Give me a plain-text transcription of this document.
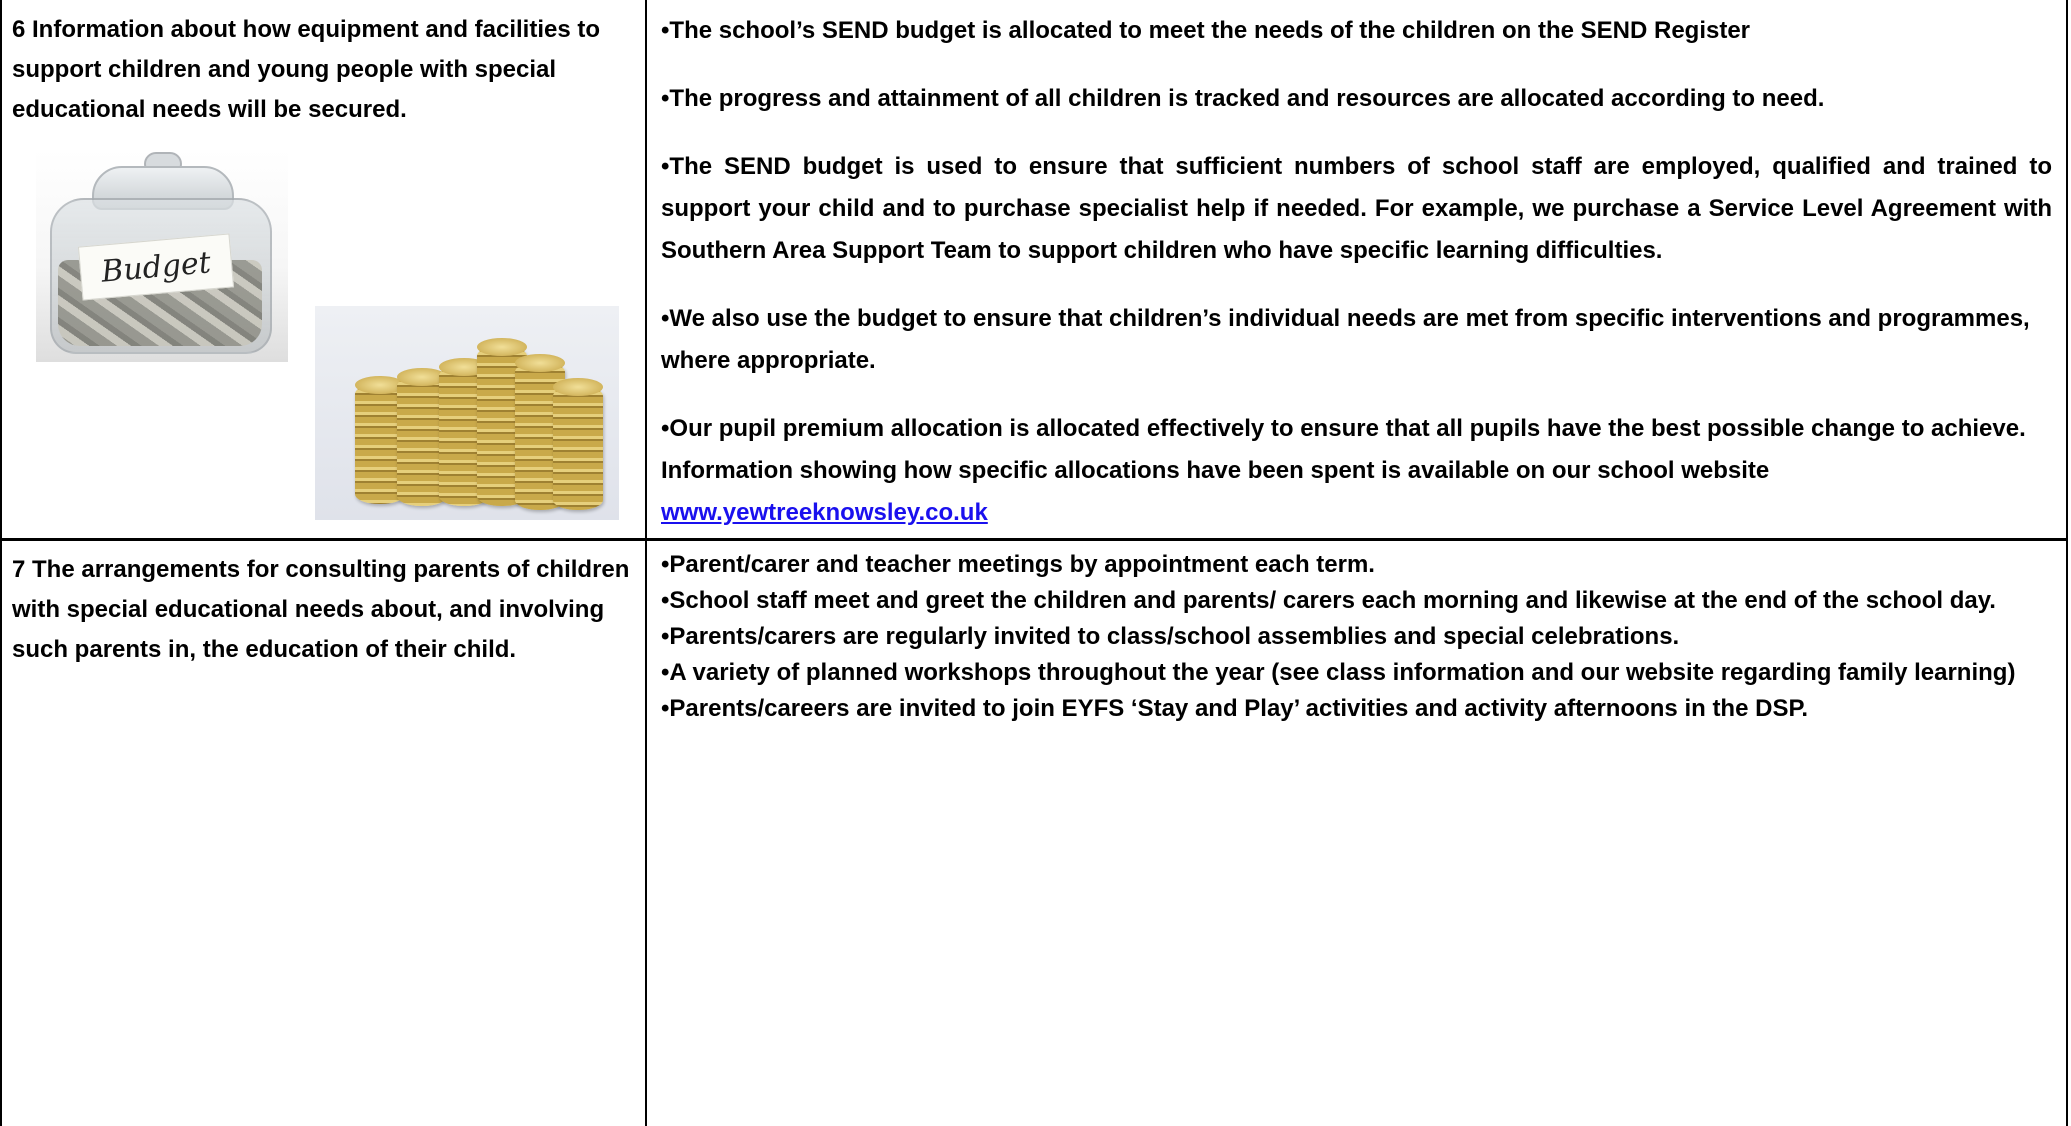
6 Information about how equipment and facilities to support children and young people with special educational needs will be secured.

Budget

•The school’s SEND budget is allocated to meet the needs of the children on the SEND Register

•The progress and attainment of all children is tracked and resources are allocated according to need.

•The SEND budget is used to ensure that sufficient numbers of school staff are employed, qualified and trained to support your child and to purchase specialist help if needed. For example, we purchase a Service Level Agreement with Southern Area Support Team to support children who have specific learning difficulties.

•We also use the budget to ensure that children’s individual needs are met from specific interventions and programmes, where appropriate.

•Our pupil premium allocation is allocated effectively to ensure that all pupils have the best possible change to achieve. Information showing how specific allocations have been spent is available on our school website
www.yewtreeknowsley.co.uk

7 The arrangements for consulting parents of children with special educational needs about, and involving such parents in, the education of their child.

•Parent/carer and teacher meetings by appointment each term.

•School staff meet and greet the children and parents/ carers each morning and likewise at the end of the school day.

•Parents/carers are regularly invited to class/school assemblies and special celebrations.

•A variety of planned workshops throughout the year (see class information and our website regarding family learning)

•Parents/careers are invited to join EYFS ‘Stay and Play’ activities and activity afternoons in the DSP.
